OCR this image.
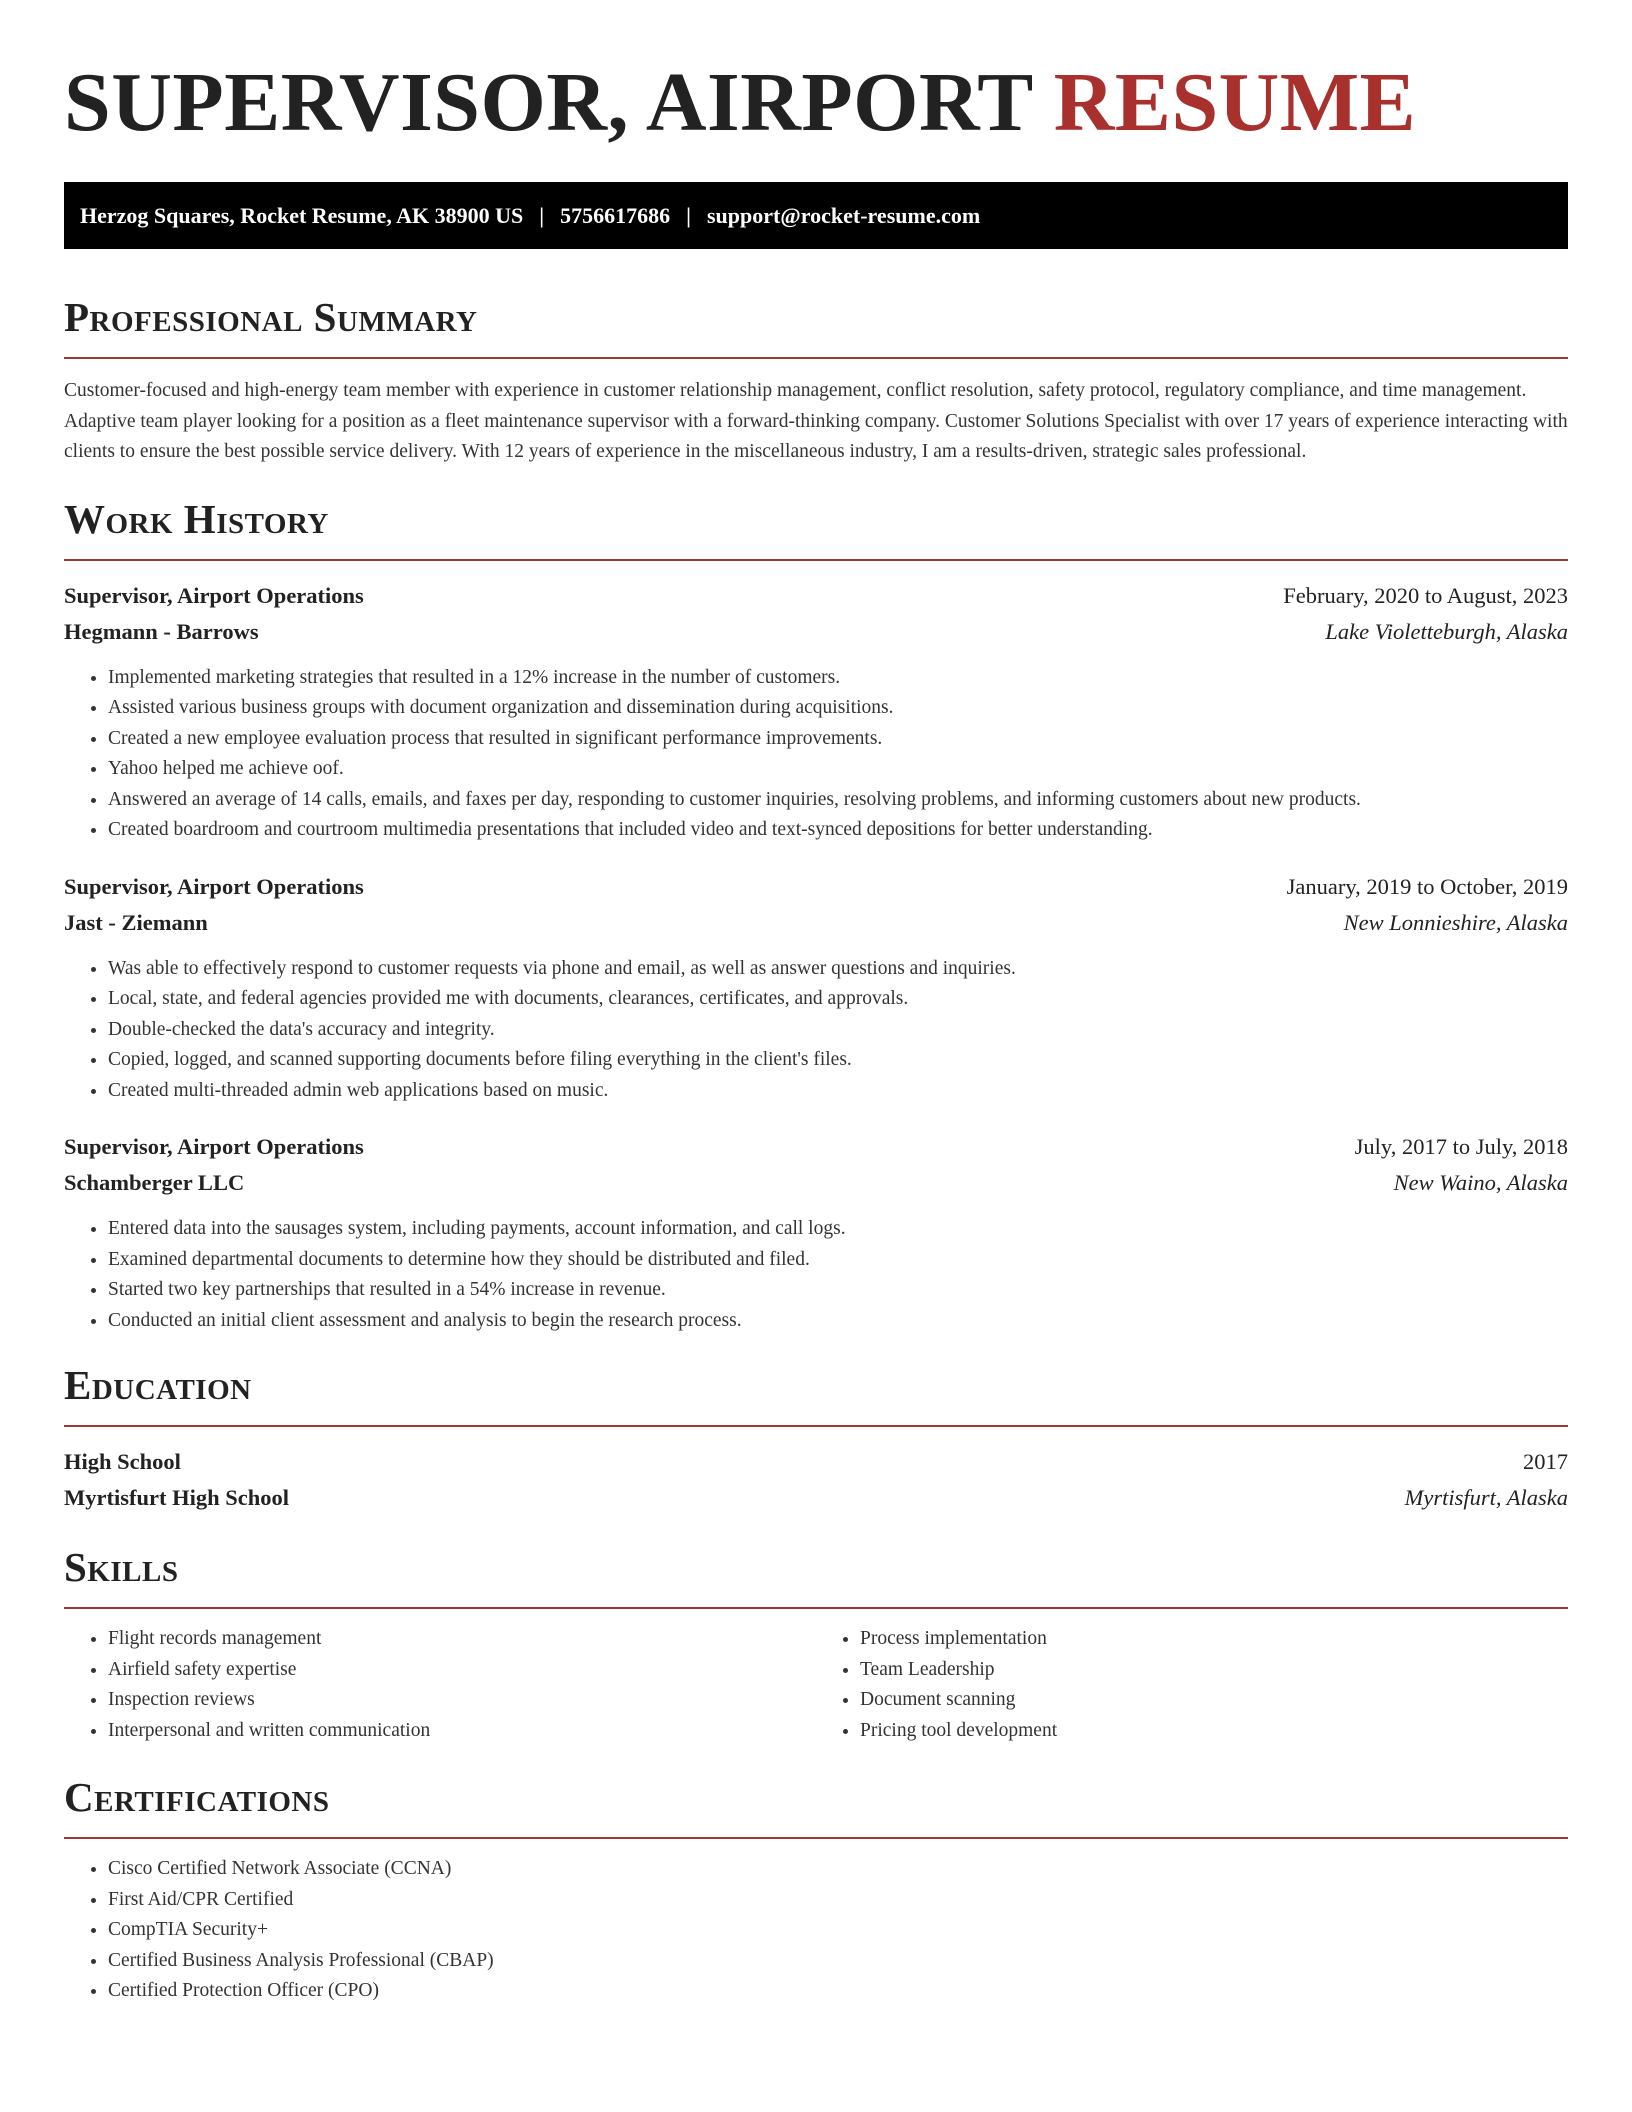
SUPERVISOR, AIRPORT RESUME
Herzog Squares, Rocket Resume, AK 38900 US | 5756617686 | support@rocket-resume.com
Professional Summary

Customer-focused and high-energy team member with experience in customer relationship management, conflict resolution, safety protocol, regulatory compliance, and time management. Adaptive team player looking for a position as a fleet maintenance supervisor with a forward-thinking company. Customer Solutions Specialist with over 17 years of experience interacting with clients to ensure the best possible service delivery. With 12 years of experience in the miscellaneous industry, I am a results-driven, strategic sales professional.

Work History
Supervisor, Airport Operations	February, 2020 to August, 2023
Hegmann - Barrows	Lake Violetteburgh, Alaska
• Implemented marketing strategies that resulted in a 12% increase in the number of customers.
• Assisted various business groups with document organization and dissemination during acquisitions.
• Created a new employee evaluation process that resulted in significant performance improvements.
• Yahoo helped me achieve oof.
• Answered an average of 14 calls, emails, and faxes per day, responding to customer inquiries, resolving problems, and informing customers about new products.
• Created boardroom and courtroom multimedia presentations that included video and text-synced depositions for better understanding.
Supervisor, Airport Operations	January, 2019 to October, 2019
Jast - Ziemann	New Lonnieshire, Alaska
• Was able to effectively respond to customer requests via phone and email, as well as answer questions and inquiries.
• Local, state, and federal agencies provided me with documents, clearances, certificates, and approvals.
• Double-checked the data's accuracy and integrity.
• Copied, logged, and scanned supporting documents before filing everything in the client's files.
• Created multi-threaded admin web applications based on music.
Supervisor, Airport Operations	July, 2017 to July, 2018
Schamberger LLC	New Waino, Alaska
• Entered data into the sausages system, including payments, account information, and call logs.
• Examined departmental documents to determine how they should be distributed and filed.
• Started two key partnerships that resulted in a 54% increase in revenue.
• Conducted an initial client assessment and analysis to begin the research process.
Education
High School	2017
Myrtisfurt High School	Myrtisfurt, Alaska
Skills
• Flight records management
• Airfield safety expertise
• Inspection reviews
• Interpersonal and written communication
• Process implementation
• Team Leadership
• Document scanning
• Pricing tool development
Certifications
• Cisco Certified Network Associate (CCNA)
• First Aid/CPR Certified
• CompTIA Security+
• Certified Business Analysis Professional (CBAP)
• Certified Protection Officer (CPO)
